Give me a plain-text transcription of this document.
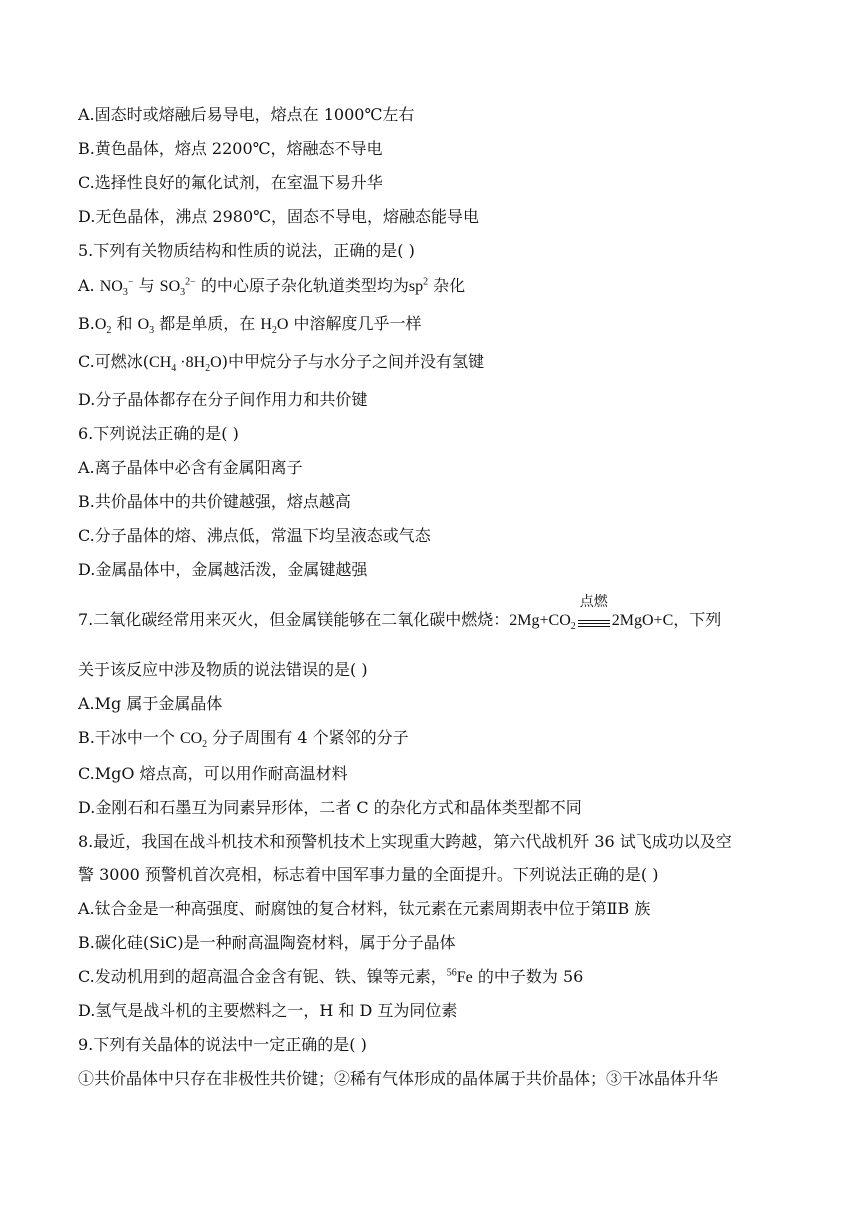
A.固态时或熔融后易导电，熔点在 1000℃左右
B.黄色晶体，熔点 2200℃，熔融态不导电
C.选择性良好的氟化试剂，在室温下易升华
D.无色晶体，沸点 2980℃，固态不导电，熔融态能导电
5.下列有关物质结构和性质的说法，正确的是( )
A. $NO_3^-$ 与 $SO_3^{2-}$ 的中心原子杂化轨道类型均为$sp^2$ 杂化
$B.O_2$ 和 $O_3$ 都是单质，在 $H_2O$ 中溶解度几乎一样
C.可燃冰$(CH_4 \cdot 8H_2O)$中甲烷分子与水分子之间并没有氢键
D.分子晶体都存在分子间作用力和共价键
6.下列说法正确的是( )
A.离子晶体中必含有金属阳离子
B.共价晶体中的共价键越强，熔点越高
C.分子晶体的熔、沸点低，常温下均呈液态或气态
D.金属晶体中，金属越活泼，金属键越强
7.二氧化碳经常用来灭火，但金属镁能够在二氧化碳中燃烧：$2Mg+CO_2$
点燃
2MgO+C，下列
关于该反应中涉及物质的说法错误的是( )
A.Mg 属于金属晶体
B.干冰中一个 $CO_2$ 分子周围有 4 个紧邻的分子
C.MgO 熔点高，可以用作耐高温材料
D.金刚石和石墨互为同素异形体，二者 C 的杂化方式和晶体类型都不同
8.最近，我国在战斗机技术和预警机技术上实现重大跨越，第六代战机歼 36 试飞成功以及空
警 3000 预警机首次亮相，标志着中国军事力量的全面提升。下列说法正确的是( )
A.钛合金是一种高强度、耐腐蚀的复合材料，钛元素在元素周期表中位于第ⅡB 族
B.碳化硅(SiC)是一种耐高温陶瓷材料，属于分子晶体
C.发动机用到的超高温合金含有铌、铁、镍等元素，$^{56}$Fe 的中子数为 56
D.氢气是战斗机的主要燃料之一，H 和 D 互为同位素
9.下列有关晶体的说法中一定正确的是( )
①共价晶体中只存在非极性共价键；②稀有气体形成的晶体属于共价晶体；③干冰晶体升华
